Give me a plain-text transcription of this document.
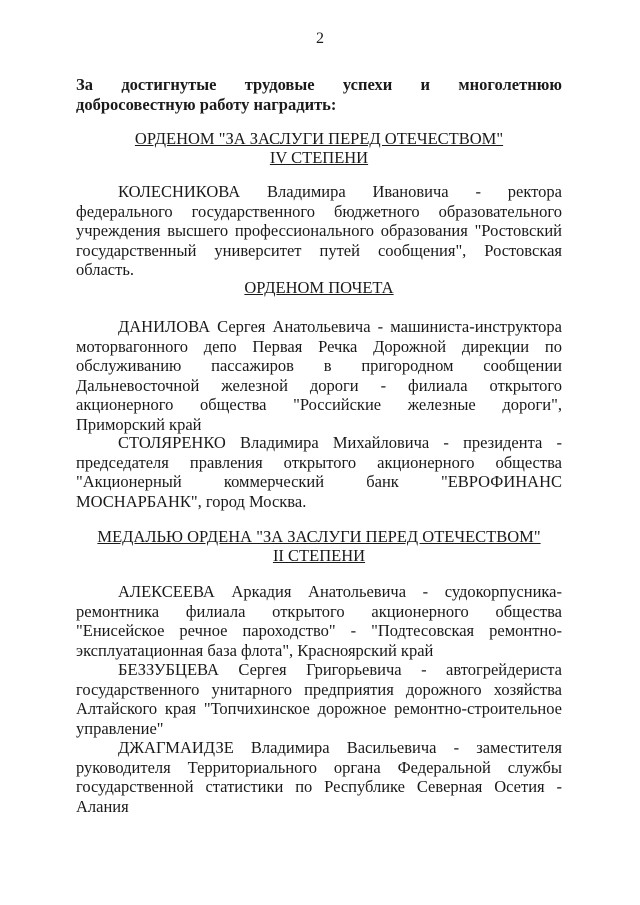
2
За достигнутые трудовые успехи и многолетнюю
добросовестную работу наградить:
ОРДЕНОМ "ЗА ЗАСЛУГИ ПЕРЕД ОТЕЧЕСТВОМ"
IV СТЕПЕНИ
КОЛЕСНИКОВА Владимира Ивановича - ректора федерального государственного бюджетного образовательного учреждения высшего профессионального образования "Ростовский государственный университет путей сообщения", Ростовская область.
ОРДЕНОМ ПОЧЕТА
ДАНИЛОВА Сергея Анатольевича - машиниста-инструктора моторвагонного депо Первая Речка Дорожной дирекции по обслуживанию пассажиров в пригородном сообщении Дальневосточной железной дороги - филиала открытого акционерного общества "Российские железные дороги", Приморский край
СТОЛЯРЕНКО Владимира Михайловича - президента - председателя правления открытого акционерного общества "Акционерный коммерческий банк "ЕВРОФИНАНС МОСНАРБАНК", город Москва.
МЕДАЛЬЮ ОРДЕНА "ЗА ЗАСЛУГИ ПЕРЕД ОТЕЧЕСТВОМ"
II СТЕПЕНИ
АЛЕКСЕЕВА Аркадия Анатольевича - судокорпусника-ремонтника филиала открытого акционерного общества "Енисейское речное пароходство" - "Подтесовская ремонтно-эксплуатационная база флота", Красноярский край
БЕЗЗУБЦЕВА Сергея Григорьевича - автогрейдериста государственного унитарного предприятия дорожного хозяйства Алтайского края "Топчихинское дорожное ремонтно-строительное управление"
ДЖАГМАИДЗЕ Владимира Васильевича - заместителя руководителя Территориального органа Федеральной службы государственной статистики по Республике Северная Осетия - Алания
